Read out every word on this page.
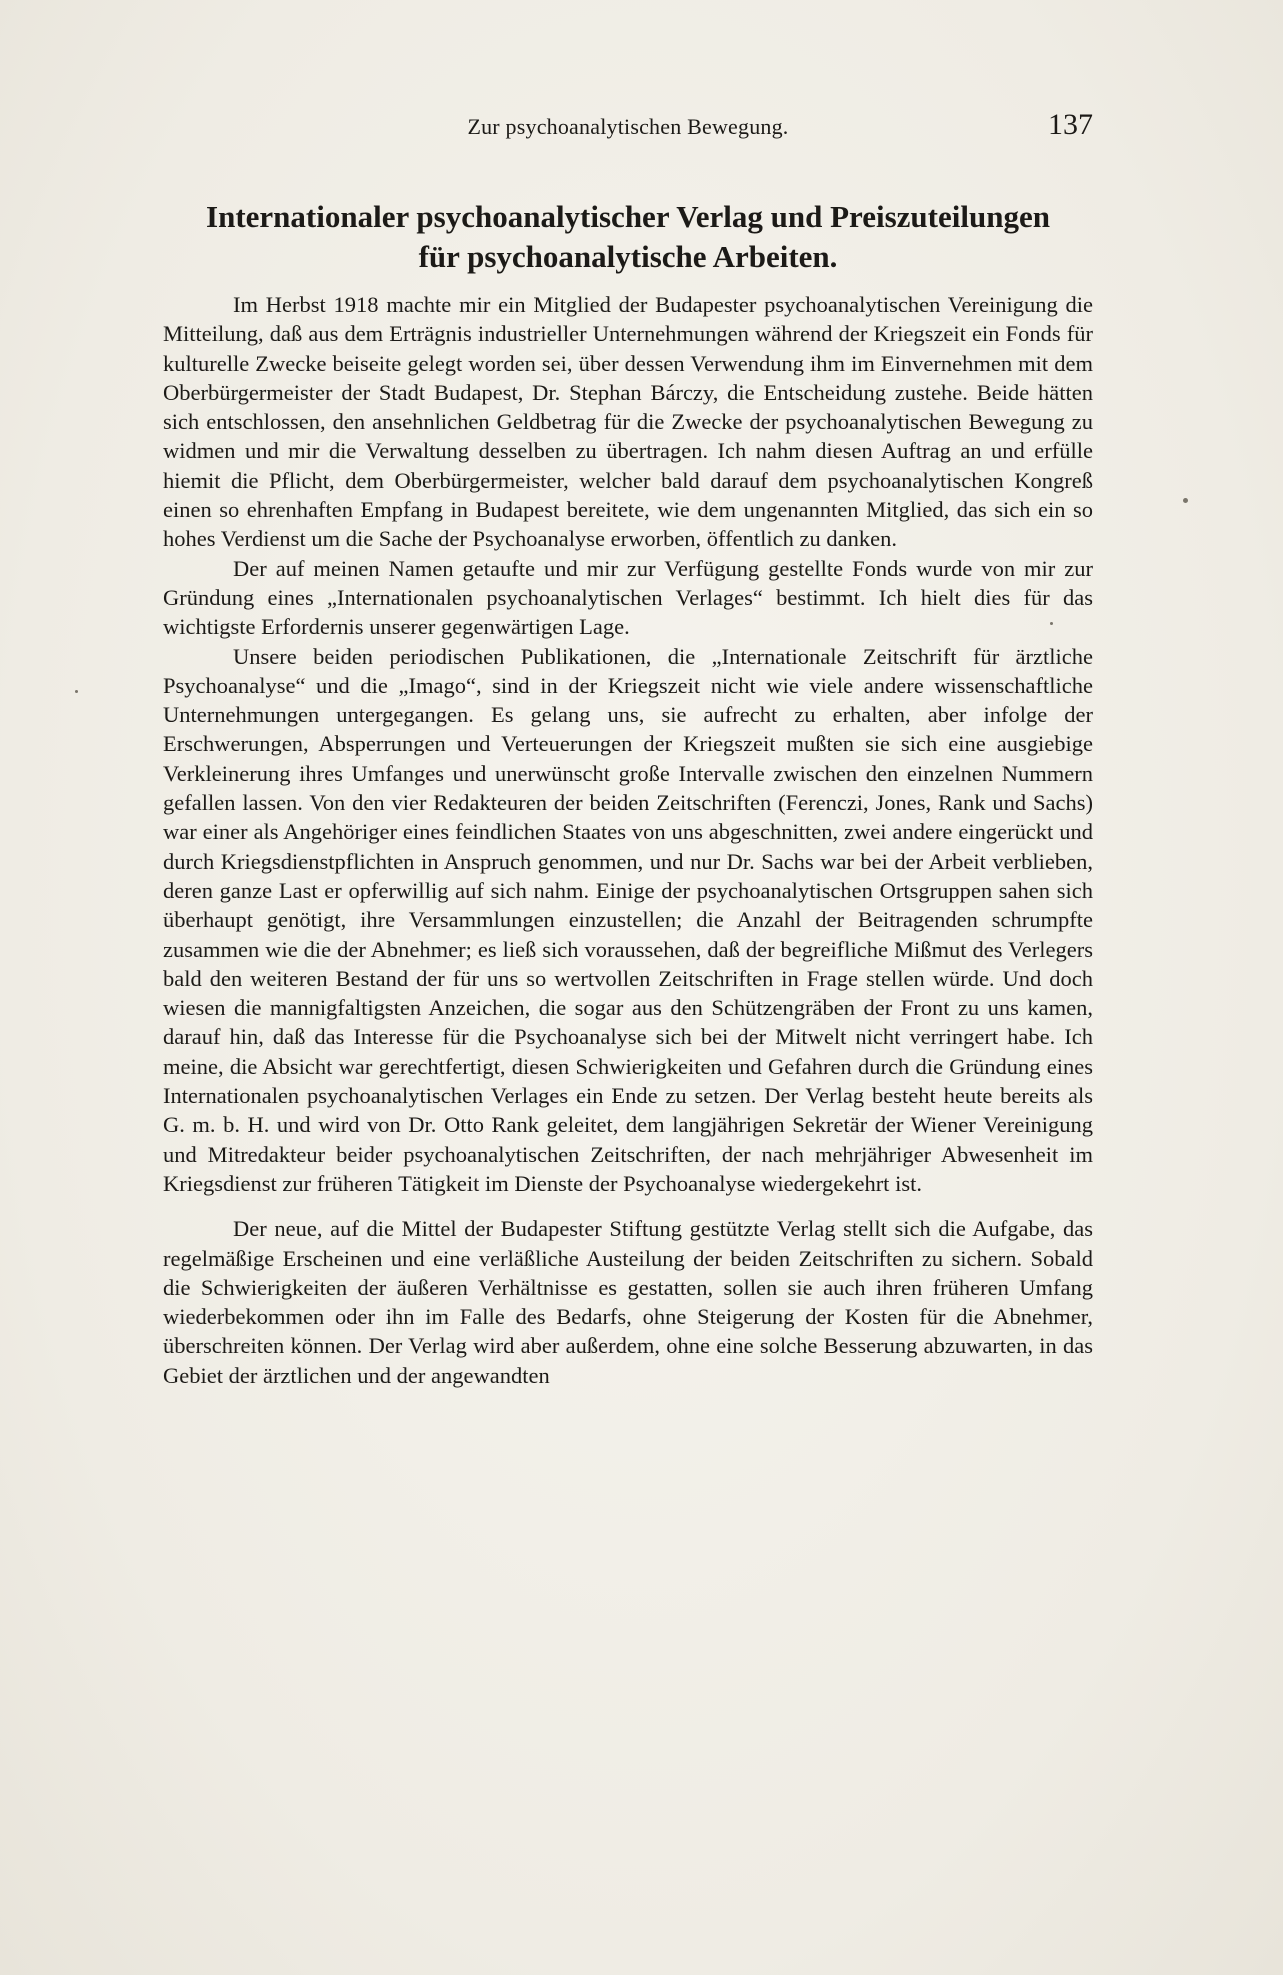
Zur psychoanalytischen Bewegung.	137
Internationaler psychoanalytischer Verlag und Preiszuteilungen
für psychoanalytische Arbeiten.

Im Herbst 1918 machte mir ein Mitglied der Budapester psychoanalytischen Vereinigung die Mitteilung, daß aus dem Erträgnis industrieller Unternehmungen während der Kriegszeit ein Fonds für kulturelle Zwecke beiseite gelegt worden sei, über dessen Verwendung ihm im Einvernehmen mit dem Oberbürgermeister der Stadt Budapest, Dr. Stephan Bárczy, die Entscheidung zustehe. Beide hätten sich entschlossen, den ansehnlichen Geldbetrag für die Zwecke der psychoanalytischen Bewegung zu widmen und mir die Verwaltung desselben zu übertragen. Ich nahm diesen Auftrag an und erfülle hiemit die Pflicht, dem Oberbürgermeister, welcher bald darauf dem psychoanalytischen Kongreß einen so ehrenhaften Empfang in Budapest bereitete, wie dem ungenannten Mitglied, das sich ein so hohes Verdienst um die Sache der Psychoanalyse erworben, öffentlich zu danken.

Der auf meinen Namen getaufte und mir zur Verfügung gestellte Fonds wurde von mir zur Gründung eines „Internationalen psychoanalytischen Verlages“ bestimmt. Ich hielt dies für das wichtigste Erfordernis unserer gegenwärtigen Lage.

Unsere beiden periodischen Publikationen, die „Internationale Zeitschrift für ärztliche Psychoanalyse“ und die „Imago“, sind in der Kriegszeit nicht wie viele andere wissenschaftliche Unternehmungen untergegangen. Es gelang uns, sie aufrecht zu erhalten, aber infolge der Erschwerungen, Absperrungen und Verteuerungen der Kriegszeit mußten sie sich eine ausgiebige Verkleinerung ihres Umfanges und unerwünscht große Intervalle zwischen den einzelnen Nummern gefallen lassen. Von den vier Redakteuren der beiden Zeitschriften (Ferenczi, Jones, Rank und Sachs) war einer als Angehöriger eines feindlichen Staates von uns abgeschnitten, zwei andere eingerückt und durch Kriegsdienstpflichten in Anspruch genommen, und nur Dr. Sachs war bei der Arbeit verblieben, deren ganze Last er opferwillig auf sich nahm. Einige der psychoanalytischen Ortsgruppen sahen sich überhaupt genötigt, ihre Versammlungen einzustellen; die Anzahl der Beitragenden schrumpfte zusammen wie die der Abnehmer; es ließ sich voraussehen, daß der begreifliche Mißmut des Verlegers bald den weiteren Bestand der für uns so wertvollen Zeitschriften in Frage stellen würde. Und doch wiesen die mannigfaltigsten Anzeichen, die sogar aus den Schützengräben der Front zu uns kamen, darauf hin, daß das Interesse für die Psychoanalyse sich bei der Mitwelt nicht verringert habe. Ich meine, die Absicht war gerechtfertigt, diesen Schwierigkeiten und Gefahren durch die Gründung eines Internationalen psychoanalytischen Verlages ein Ende zu setzen. Der Verlag besteht heute bereits als G. m. b. H. und wird von Dr. Otto Rank geleitet, dem langjährigen Sekretär der Wiener Vereinigung und Mitredakteur beider psychoanalytischen Zeitschriften, der nach mehrjähriger Abwesenheit im Kriegsdienst zur früheren Tätigkeit im Dienste der Psychoanalyse wiedergekehrt ist.

Der neue, auf die Mittel der Budapester Stiftung gestützte Verlag stellt sich die Aufgabe, das regelmäßige Erscheinen und eine verläßliche Austeilung der beiden Zeitschriften zu sichern. Sobald die Schwierigkeiten der äußeren Verhältnisse es gestatten, sollen sie auch ihren früheren Umfang wiederbekommen oder ihn im Falle des Bedarfs, ohne Steigerung der Kosten für die Abnehmer, überschreiten können. Der Verlag wird aber außerdem, ohne eine solche Besserung abzuwarten, in das Gebiet der ärztlichen und der angewandten
